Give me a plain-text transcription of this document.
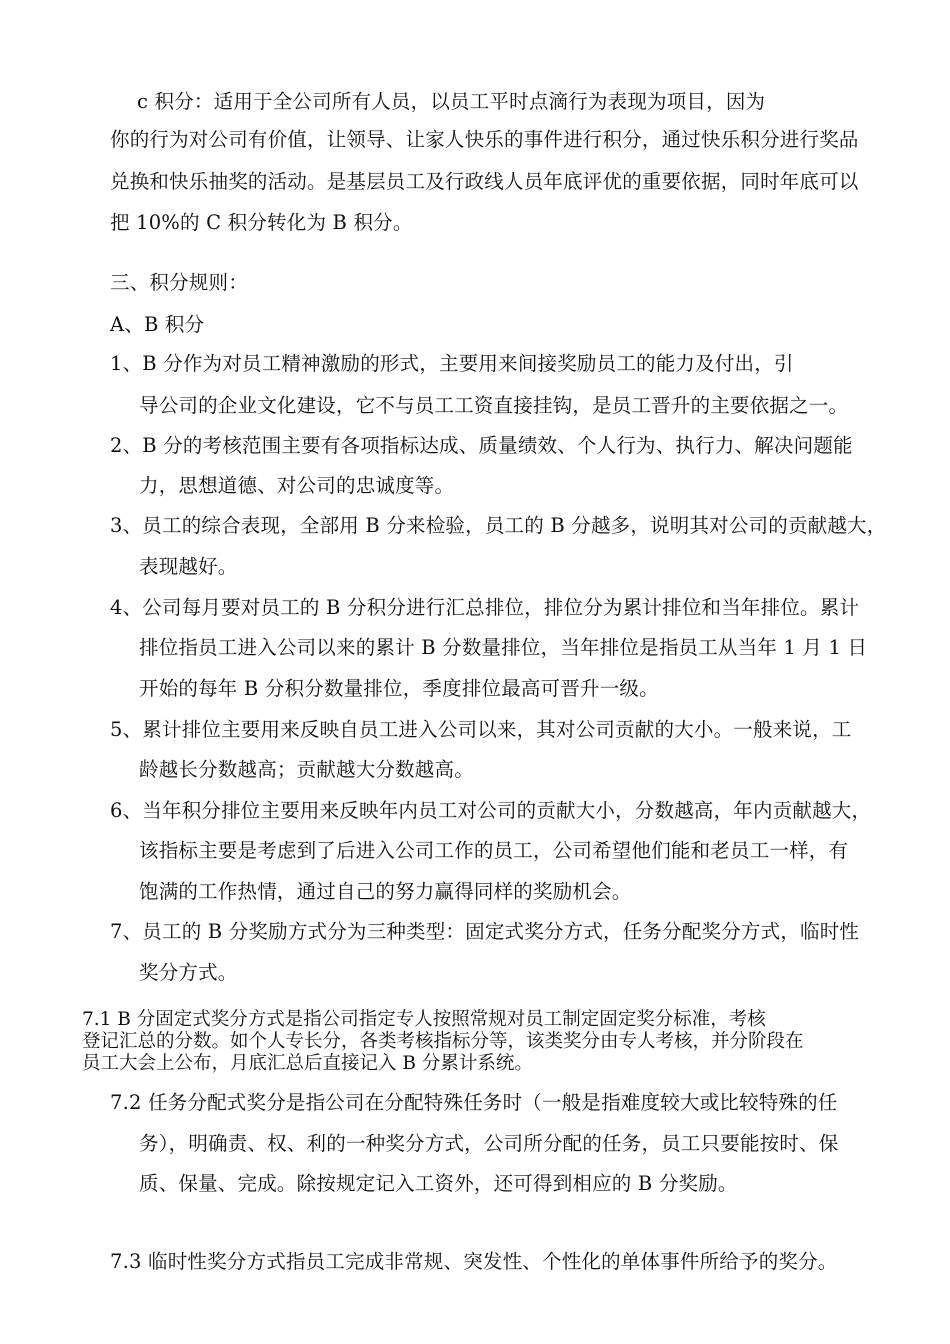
c 积分：适用于全公司所有人员，以员工平时点滴行为表现为项目，因为
你的行为对公司有价值，让领导、让家人快乐的事件进行积分，通过快乐积分进行奖品
兑换和快乐抽奖的活动。是基层员工及行政线人员年底评优的重要依据，同时年底可以
把 10%的 C 积分转化为 B 积分。
三、积分规则：
A、B 积分
1、B 分作为对员工精神激励的形式，主要用来间接奖励员工的能力及付出，引
导公司的企业文化建设，它不与员工工资直接挂钩，是员工晋升的主要依据之一。
2、B 分的考核范围主要有各项指标达成、质量绩效、个人行为、执行力、解决问题能
力，思想道德、对公司的忠诚度等。
3、员工的综合表现，全部用 B 分来检验，员工的 B 分越多，说明其对公司的贡献越大，
表现越好。
4、公司每月要对员工的 B 分积分进行汇总排位，排位分为累计排位和当年排位。累计
排位指员工进入公司以来的累计 B 分数量排位，当年排位是指员工从当年 1 月 1 日
开始的每年 B 分积分数量排位，季度排位最高可晋升一级。
5、累计排位主要用来反映自员工进入公司以来，其对公司贡献的大小。一般来说，工
龄越长分数越高；贡献越大分数越高。
6、当年积分排位主要用来反映年内员工对公司的贡献大小，分数越高，年内贡献越大，
该指标主要是考虑到了后进入公司工作的员工，公司希望他们能和老员工一样，有
饱满的工作热情，通过自己的努力赢得同样的奖励机会。
7、员工的 B 分奖励方式分为三种类型：固定式奖分方式，任务分配奖分方式，临时性
奖分方式。
7.1 B 分固定式奖分方式是指公司指定专人按照常规对员工制定固定奖分标准，考核
登记汇总的分数。如个人专长分，各类考核指标分等，该类奖分由专人考核，并分阶段在
员工大会上公布，月底汇总后直接记入 B 分累计系统。
7.2 任务分配式奖分是指公司在分配特殊任务时（一般是指难度较大或比较特殊的任
务），明确责、权、利的一种奖分方式，公司所分配的任务，员工只要能按时、保
质、保量、完成。除按规定记入工资外，还可得到相应的 B 分奖励。
7.3 临时性奖分方式指员工完成非常规、突发性、个性化的单体事件所给予的奖分。
